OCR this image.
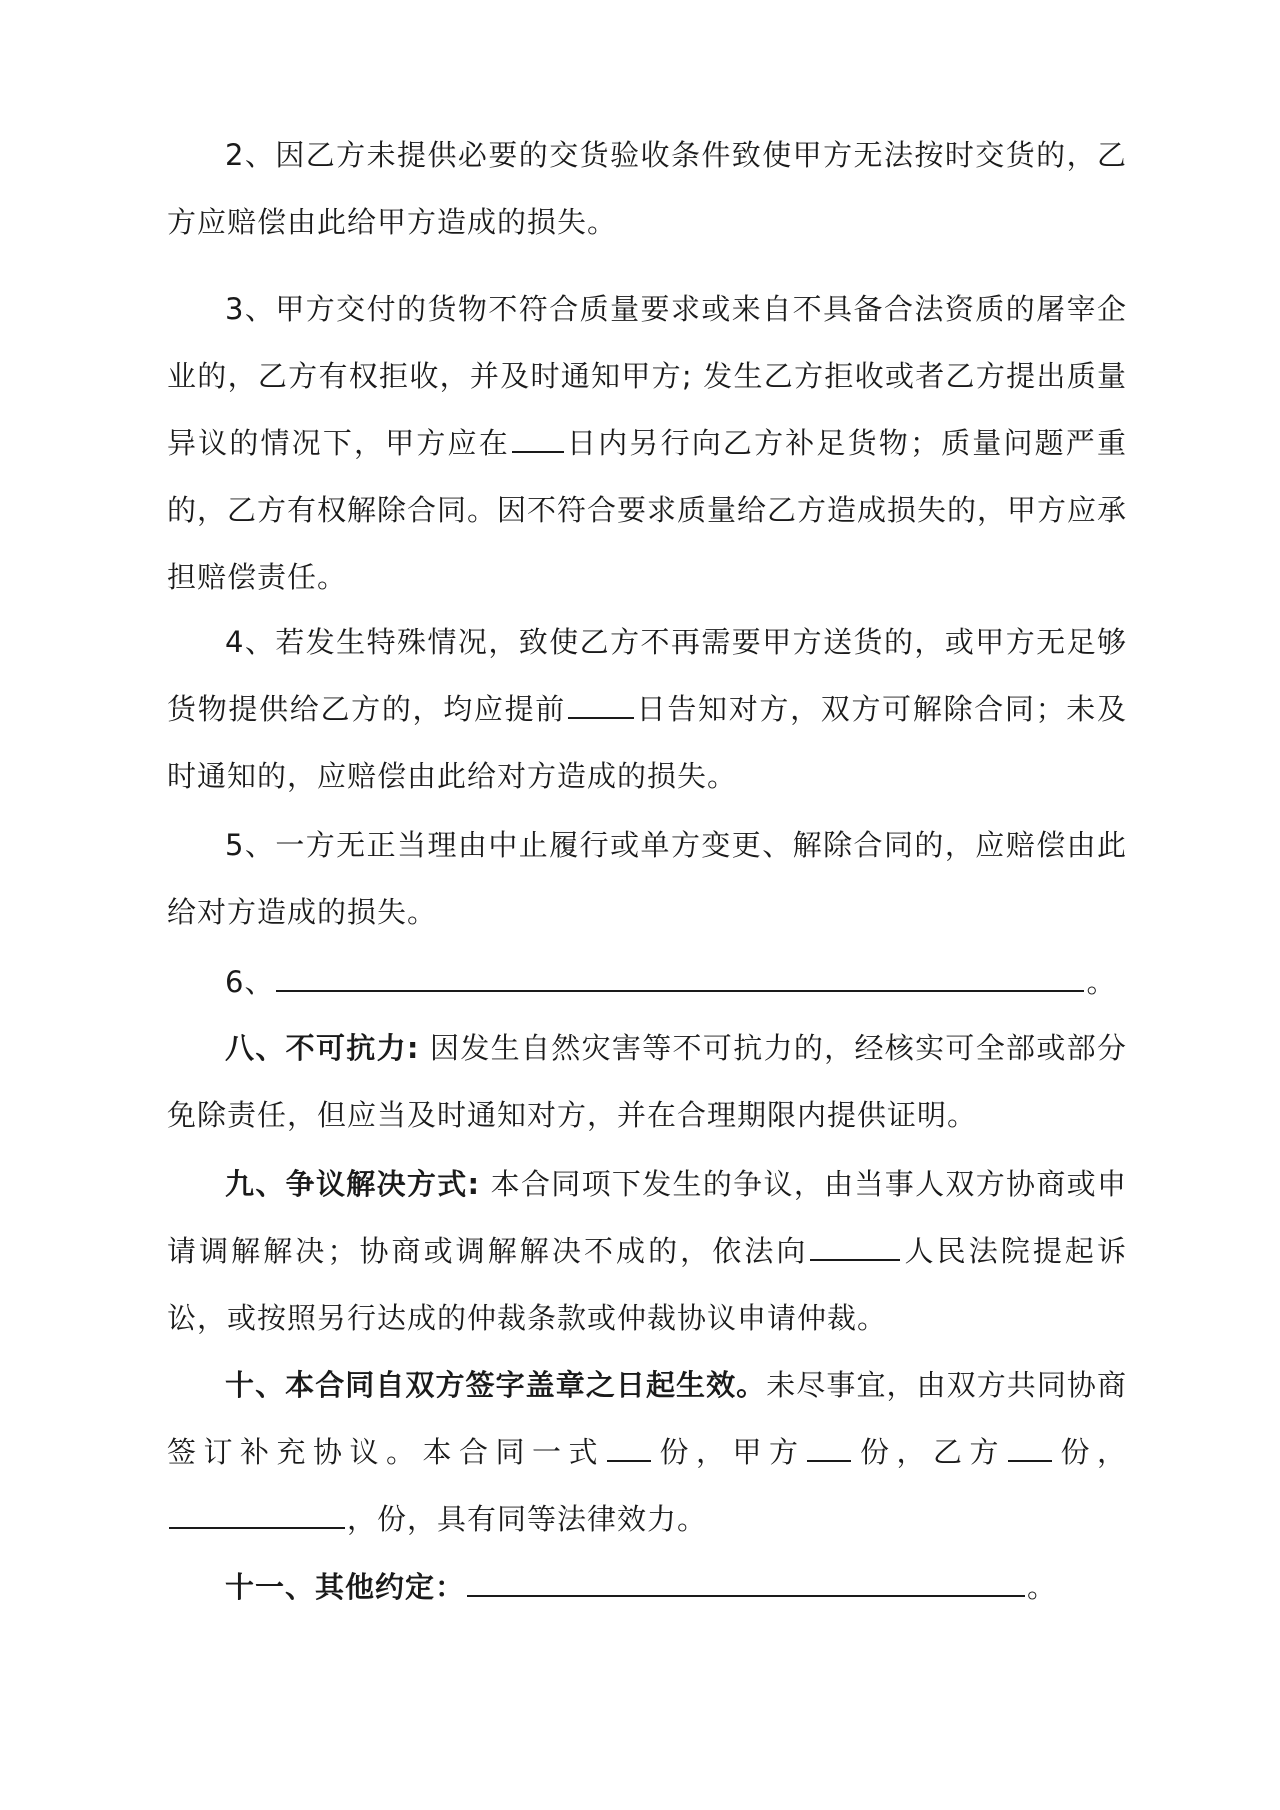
2、因乙方未提供必要的交货验收条件致使甲方无法按时交货的，乙方应赔偿由此给甲方造成的损失。

3、甲方交付的货物不符合质量要求或来自不具备合法资质的屠宰企业的，乙方有权拒收，并及时通知甲方; 发生乙方拒收或者乙方提出质量异议的情况下，甲方应在 日内另行向乙方补足货物；质量问题严重的，乙方有权解除合同。因不符合要求质量给乙方造成损失的，甲方应承担赔偿责任。

4、若发生特殊情况，致使乙方不再需要甲方送货的，或甲方无足够货物提供给乙方的，均应提前 日告知对方，双方可解除合同；未及时通知的，应赔偿由此给对方造成的损失。

5、一方无正当理由中止履行或单方变更、解除合同的，应赔偿由此给对方造成的损失。

6、	。

八、不可抗力: 因发生自然灾害等不可抗力的，经核实可全部或部分免除责任，但应当及时通知对方，并在合理期限内提供证明。

九、争议解决方式: 本合同项下发生的争议，由当事人双方协商或申请调解解决；协商或调解解决不成的，依法向	人民法院提起诉讼，或按照另行达成的仲裁条款或仲裁协议申请仲裁。

十、本合同自双方签字盖章之日起生效。未尽事宜，由双方共同协商签订补充协议。本合同一式 份，甲方 份，乙方 份，，份，具有同等法律效力。

十一、其他约定：	。
